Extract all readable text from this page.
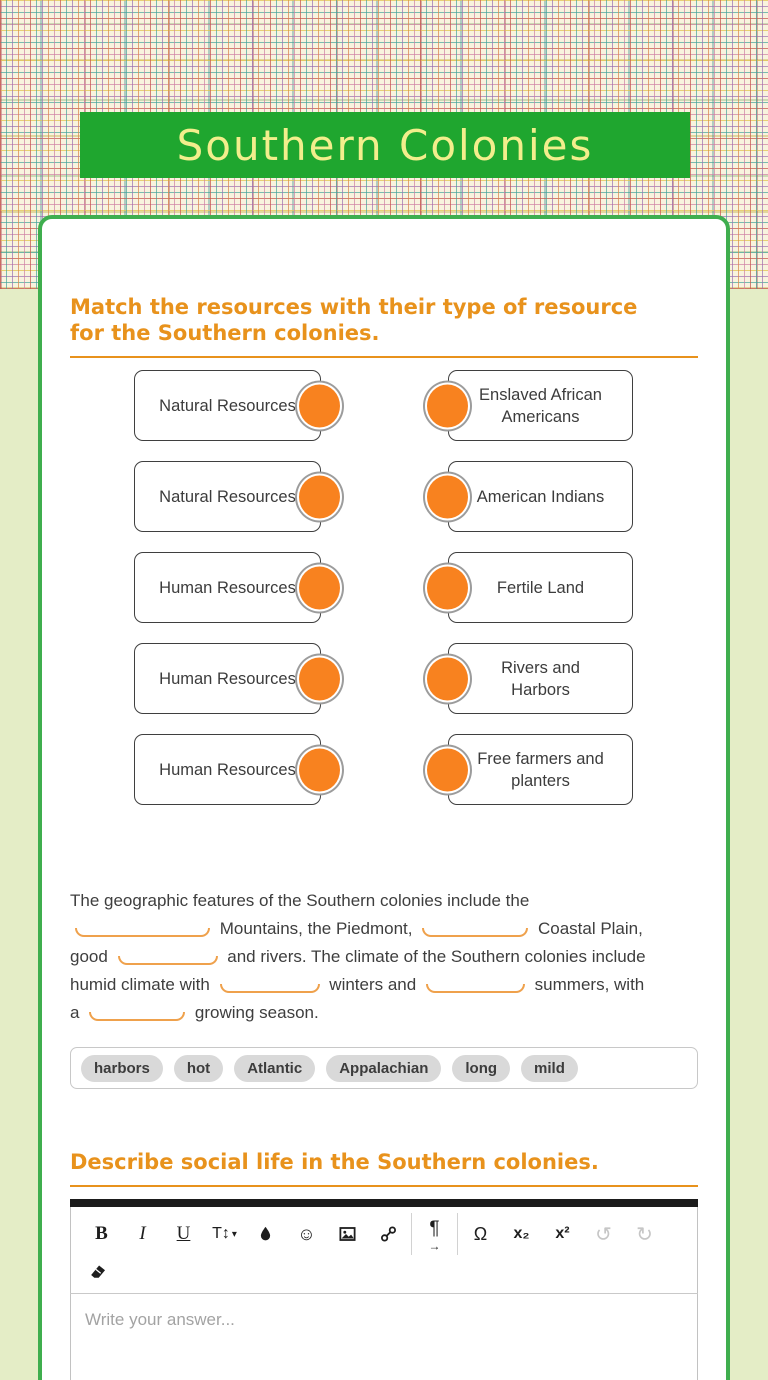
Southern Colonies
Match the resources with their type of resource for the Southern colonies.
Natural Resources
Enslaved African Americans
Natural Resources	American Indians
Human Resources	Fertile Land
Human Resources
Rivers and Harbors
Human Resources
Free farmers and planters

The geographic features of the Southern colonies include the
Mountains, the Piedmont,	Coastal Plain,
good	and rivers. The climate of the Southern colonies include
humid climate with	winters and	summers, with
a	growing season.

harbors	hot	Atlantic	Appalachian	long	mild
Describe social life in the Southern colonies.
B I U T↕ ▾	☺	¶
→
Ω x₂ x² ↺ ↻
Write your answer...
